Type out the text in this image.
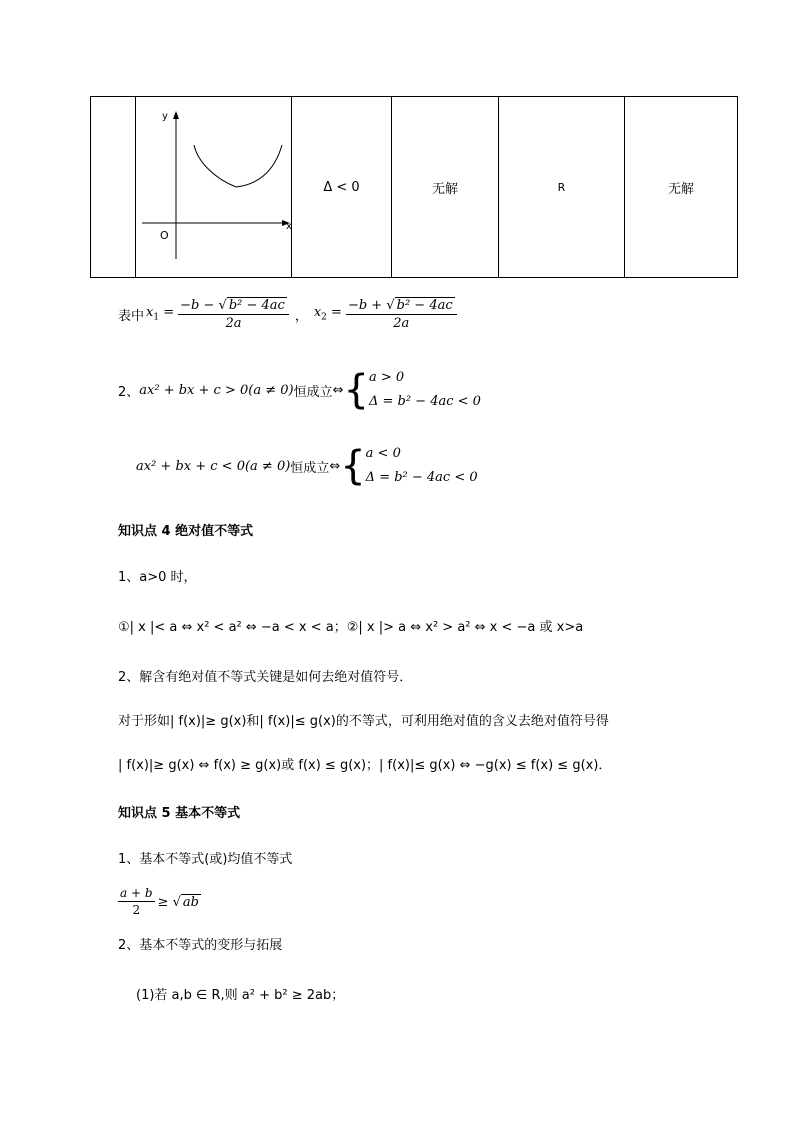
y
x
O
	Δ < 0	无解	R	无解
表中 $x_1 = \frac{\text{−b − √ b² − 4ac}}{2a}$ ， $x_2 = \frac{\text{−b + √ b² − 4ac}}{2a}$
2、 ax² + bx + c > 0(a ≠ 0) 恒成立 ⇔ { a > 0
Δ = b² − 4ac < 0
ax² + bx + c < 0(a ≠ 0) 恒成立 ⇔ { a < 0
Δ = b² − 4ac < 0
知识点 4 绝对值不等式
1、a>0 时，
①| x |< a ⇔ x² < a² ⇔ −a < x < a；②| x |> a ⇔ x² > a² ⇔ x < −a 或 x>a
2、解含有绝对值不等式关键是如何去绝对值符号．
对于形如| f(x)|≥ g(x)和| f(x)|≤ g(x)的不等式，可利用绝对值的含义去绝对值符号得
| f(x)|≥ g(x) ⇔ f(x) ≥ g(x)或 f(x) ≤ g(x)；| f(x)|≤ g(x) ⇔ −g(x) ≤ f(x) ≤ g(x)．
知识点 5 基本不等式
1、基本不等式(或)均值不等式
$\frac{a + b}{2}$ ≥ √ ab
2、基本不等式的变形与拓展
(1)若 a,b ∈ R,则 a² + b² ≥ 2ab；
